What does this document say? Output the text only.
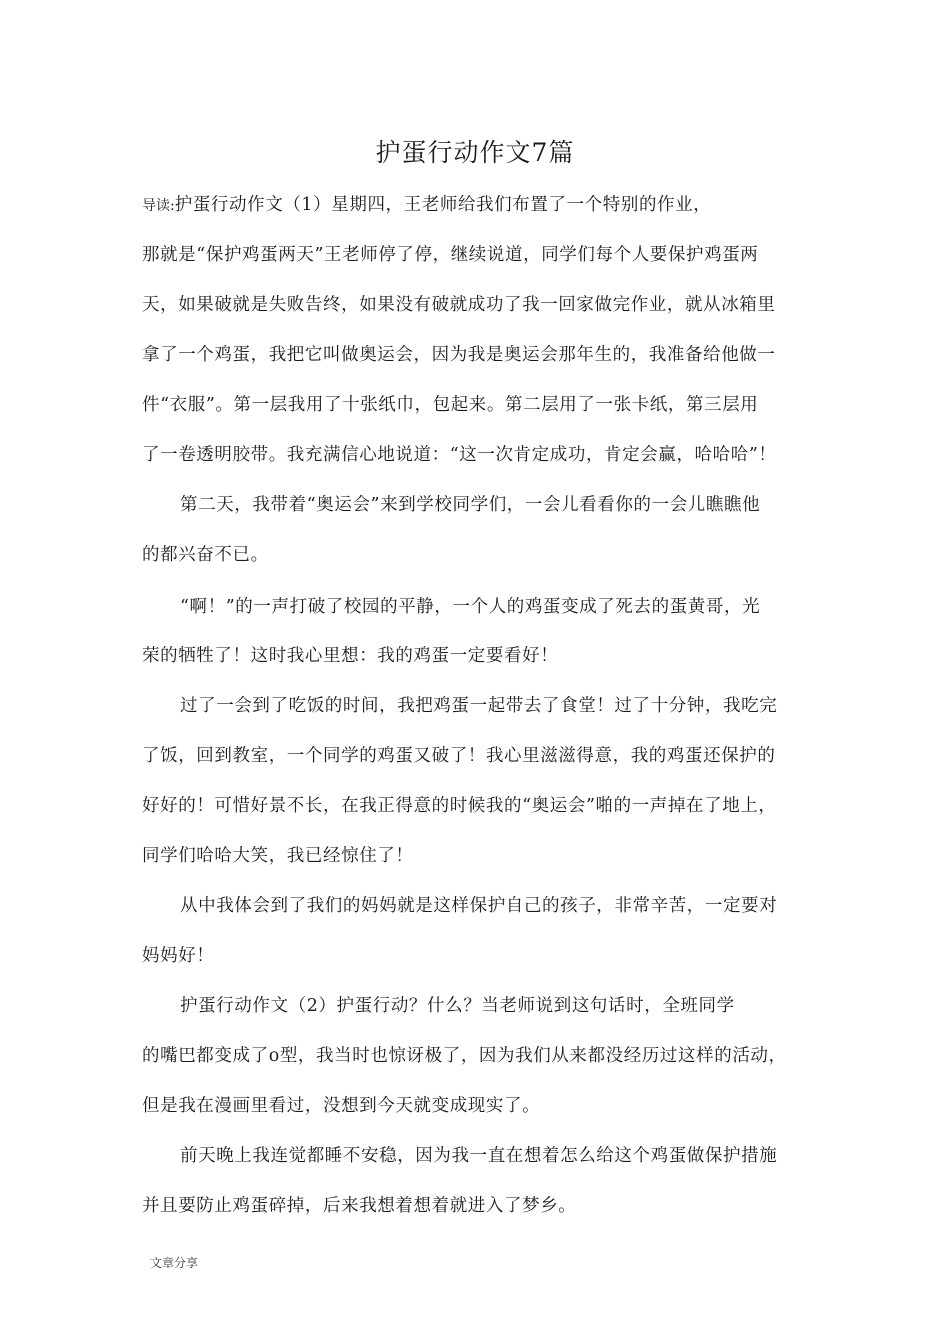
护蛋行动作文7篇
导读:护蛋行动作文（1）星期四，王老师给我们布置了一个特别的作业，
那就是“保护鸡蛋两天”王老师停了停，继续说道，同学们每个人要保护鸡蛋两
天，如果破就是失败告终，如果没有破就成功了我一回家做完作业，就从冰箱里
拿了一个鸡蛋，我把它叫做奥运会，因为我是奥运会那年生的，我准备给他做一
件“衣服”。第一层我用了十张纸巾，包起来。第二层用了一张卡纸，第三层用
了一卷透明胶带。我充满信心地说道：“这一次肯定成功，肯定会赢，哈哈哈”！
第二天，我带着“奥运会”来到学校同学们，一会儿看看你的一会儿瞧瞧他
的都兴奋不已。
“啊！”的一声打破了校园的平静，一个人的鸡蛋变成了死去的蛋黄哥，光
荣的牺牲了！这时我心里想：我的鸡蛋一定要看好！
过了一会到了吃饭的时间，我把鸡蛋一起带去了食堂！过了十分钟，我吃完
了饭，回到教室，一个同学的鸡蛋又破了！我心里滋滋得意，我的鸡蛋还保护的
好好的！可惜好景不长，在我正得意的时候我的“奥运会”啪的一声掉在了地上，
同学们哈哈大笑，我已经惊住了！
从中我体会到了我们的妈妈就是这样保护自己的孩子，非常辛苦，一定要对
妈妈好！
护蛋行动作文（2）护蛋行动？什么？当老师说到这句话时，全班同学
的嘴巴都变成了o型，我当时也惊讶极了，因为我们从来都没经历过这样的活动，
但是我在漫画里看过，没想到今天就变成现实了。
前天晚上我连觉都睡不安稳，因为我一直在想着怎么给这个鸡蛋做保护措施
并且要防止鸡蛋碎掉，后来我想着想着就进入了梦乡。
文章分享
